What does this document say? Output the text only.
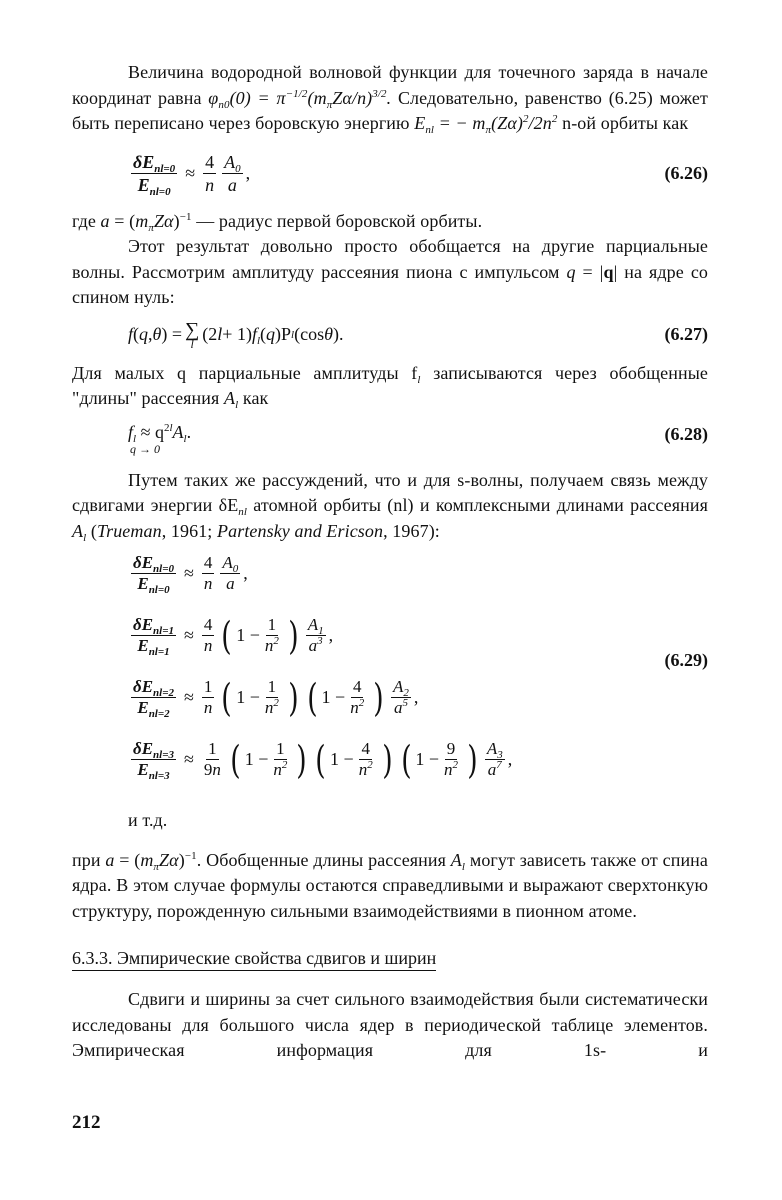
Величина водородной волновой функции для точечного заряда в начале координат равна $\varphi_{n0}(0) = \pi^{-1/2}(m_\pi Z\alpha/n)^{3/2}$. Следовательно, равенство (6.25) может быть переписано через боровскую энергию $E_{nl}$ = − $m_\pi(Z\alpha)^2/2n^2$ n-ой орбиты как

$\frac{\delta E_{nl=0}}{E_{nl=0}} \approx \frac{4}{n} \frac{A_0}{a}$ ,	(6.26)

где $a = (m_\pi Z\alpha)^{-1}$ — радиус первой боровской орбиты.

Этот результат довольно просто обобщается на другие парциальные волны. Рассмотрим амплитуду рассеяния пиона с импульсом q = |q| на ядре со спином нуль:

f ( q , θ ) = ∑
l (2 l + 1) $f_l$ ( q )P l (cos θ ).	(6.27)

Для малых q парциальные амплитуды $f_l$ записываются через обобщенные "длины" рассеяния $A_l$ как

$f_l \approx q^{2l}A_l$.
q → 0
(6.28)

Путем таких же рассуждений, что и для s-волны, получаем связь между сдвигами энергии $\delta E_{nl}$ атомной орбиты (nl) и комплексными длинами рассеяния $A_l$ (Trueman, 1961; Partensky and Ericson, 1967):

$\frac{\delta E_{nl=0}}{E_{nl=0}} \approx \frac{4}{n} \frac{A_0}{a}$ ,
$\frac{\delta E_{nl=1}}{E_{nl=1}} \approx \frac{4}{n}$ ( $1 - \frac{1}{n^2}$ ) $\frac{A_1}{a^3}$ ,
$\frac{\delta E_{nl=2}}{E_{nl=2}} \approx \frac{1}{n}$ ( $1 - \frac{1}{n^2}$ ) ( $1 - \frac{4}{n^2}$ ) $\frac{A_2}{a^5}$ ,
$\frac{\delta E_{nl=3}}{E_{nl=3}} \approx \frac{1}{9n}$ ( $1 - \frac{1}{n^2}$ ) ( $1 - \frac{4}{n^2}$ ) ( $1 - \frac{9}{n^2}$ ) $\frac{A_3}{a^7}$ ,
(6.29)

и т.д.

при $a = (m_\pi Z\alpha)^{-1}$. Обобщенные длины рассеяния $A_l$ могут зависеть также от спина ядра. В этом случае формулы остаются справедливыми и выражают сверхтонкую структуру, порожденную сильными взаимодействиями в пионном атоме.

6.3.3. Эмпирические свойства сдвигов и ширин

Сдвиги и ширины за счет сильного взаимодействия были систематически исследованы для большого числа ядер в периодической таблице элементов. Эмпирическая информация для 1s- и

212
